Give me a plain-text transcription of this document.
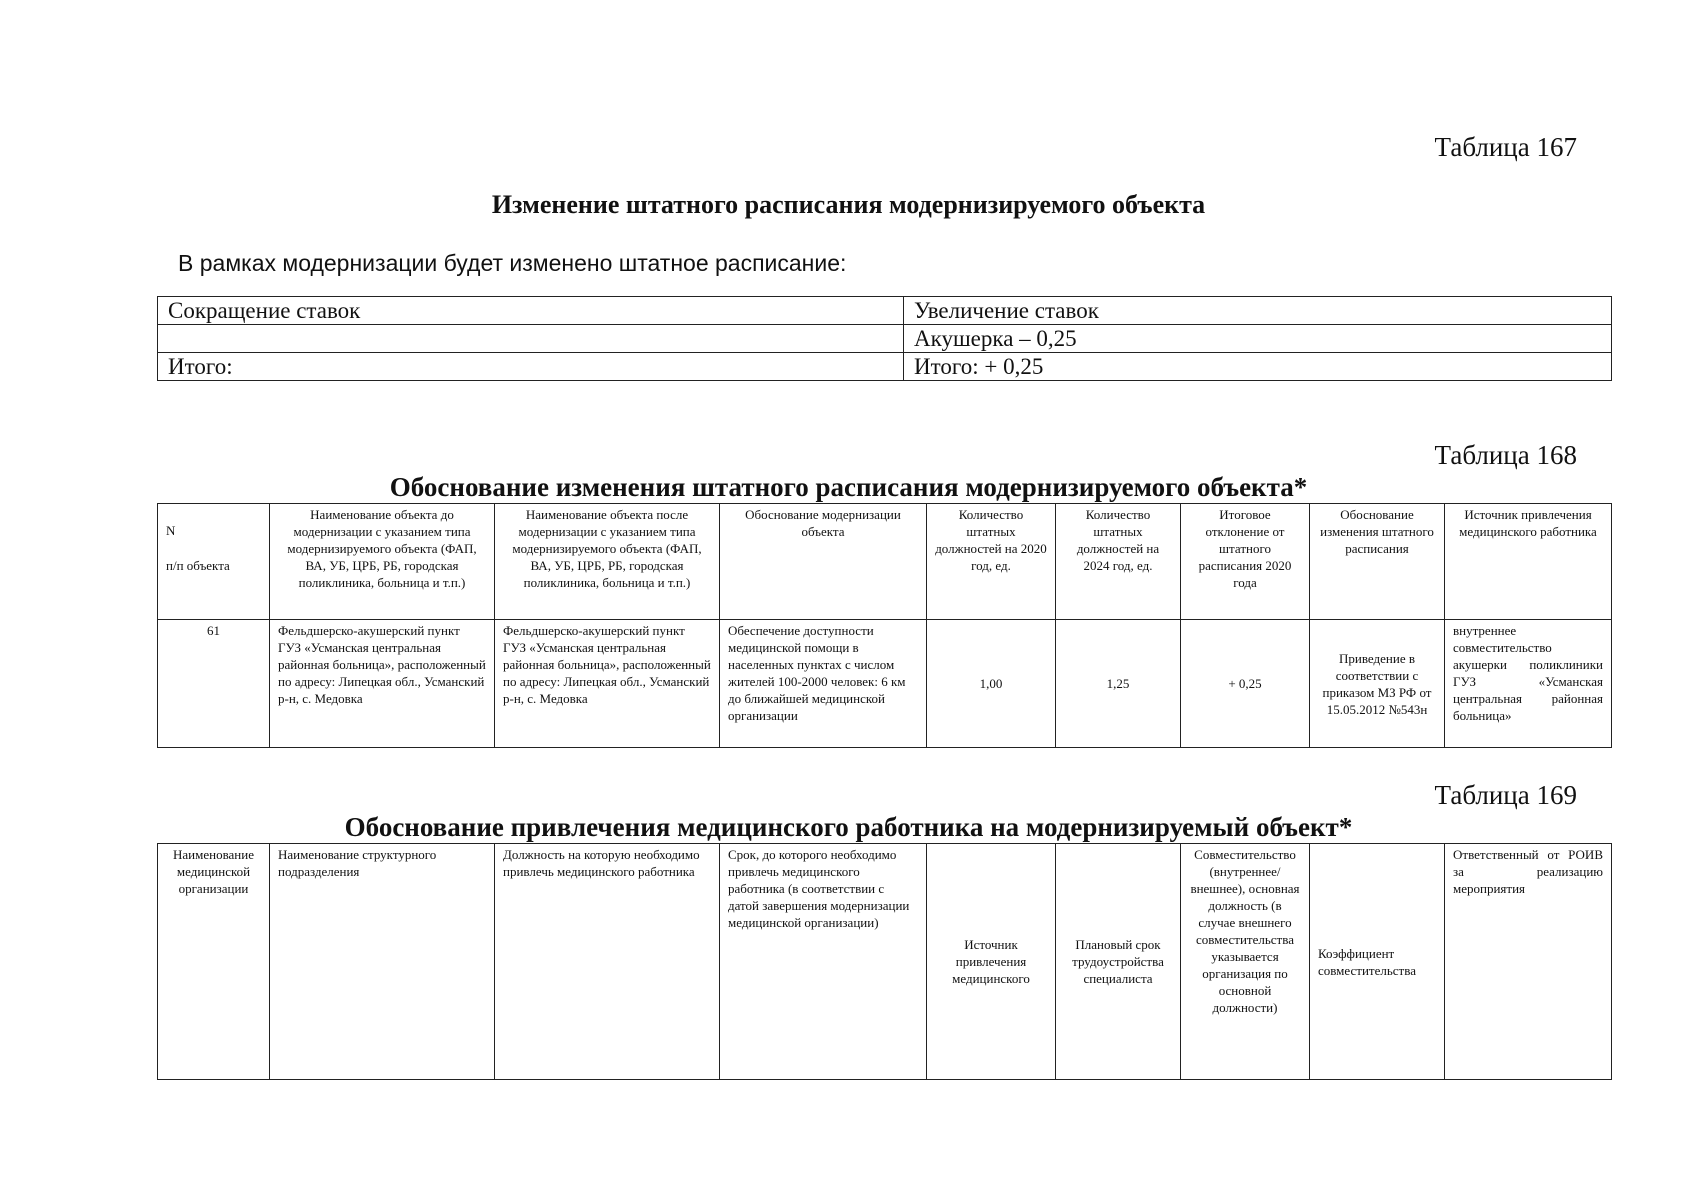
Таблица 167
Изменение штатного расписания модернизируемого объекта
В рамках модернизации будет изменено штатное расписание:
Сокращение ставок	Увеличение ставок
	Акушерка – 0,25
Итого:	Итого: + 0,25
Таблица 168
Обоснование изменения штатного расписания модернизируемого объекта*
N
п/п объекта	Наименование объекта до модернизации с указанием типа модернизируемого объекта (ФАП, ВА, УБ, ЦРБ, РБ, городская поликлиника, больница и т.п.)	Наименование объекта после модернизации с указанием типа модернизируемого объекта (ФАП, ВА, УБ, ЦРБ, РБ, городская поликлиника, больница и т.п.)	Обоснование модернизации объекта	Количество штатных должностей на 2020 год, ед.	Количество штатных должностей на 2024 год, ед.	Итоговое отклонение от штатного расписания 2020 года	Обоснование изменения штатного расписания	Источник привлечения медицинского работника
61	Фельдшерско-акушерский пункт ГУЗ «Усманская центральная районная больница», расположенный по адресу: Липецкая обл., Усманский р-н, с. Медовка	Фельдшерско-акушерский пункт ГУЗ «Усманская центральная районная больница», расположенный по адресу: Липецкая обл., Усманский р-н, с. Медовка	Обеспечение доступности медицинской помощи в населенных пунктах с числом жителей 100-2000 человек: 6 км до ближайшей медицинской организации	1,00	1,25	+ 0,25	Приведение в соответствии с приказом МЗ РФ от 15.05.2012 №543н	внутреннее совместительство акушерки поликлиники ГУЗ «Усманская центральная районная больница»
Таблица 169
Обоснование привлечения медицинского работника на модернизируемый объект*
Наименование медицинской организации	Наименование структурного подразделения	Должность на которую необходимо привлечь медицинского работника	Срок, до которого необходимо привлечь медицинского работника (в соответствии с датой завершения модернизации медицинской организации)	Источник привлечения медицинского	Плановый срок трудоустройства специалиста	Совместительство (внутреннее/внешнее), основная должность (в случае внешнего совместительства указывается организация по основной должности)	Коэффициент совместительства	Ответственный от РОИВ за реализацию мероприятия
